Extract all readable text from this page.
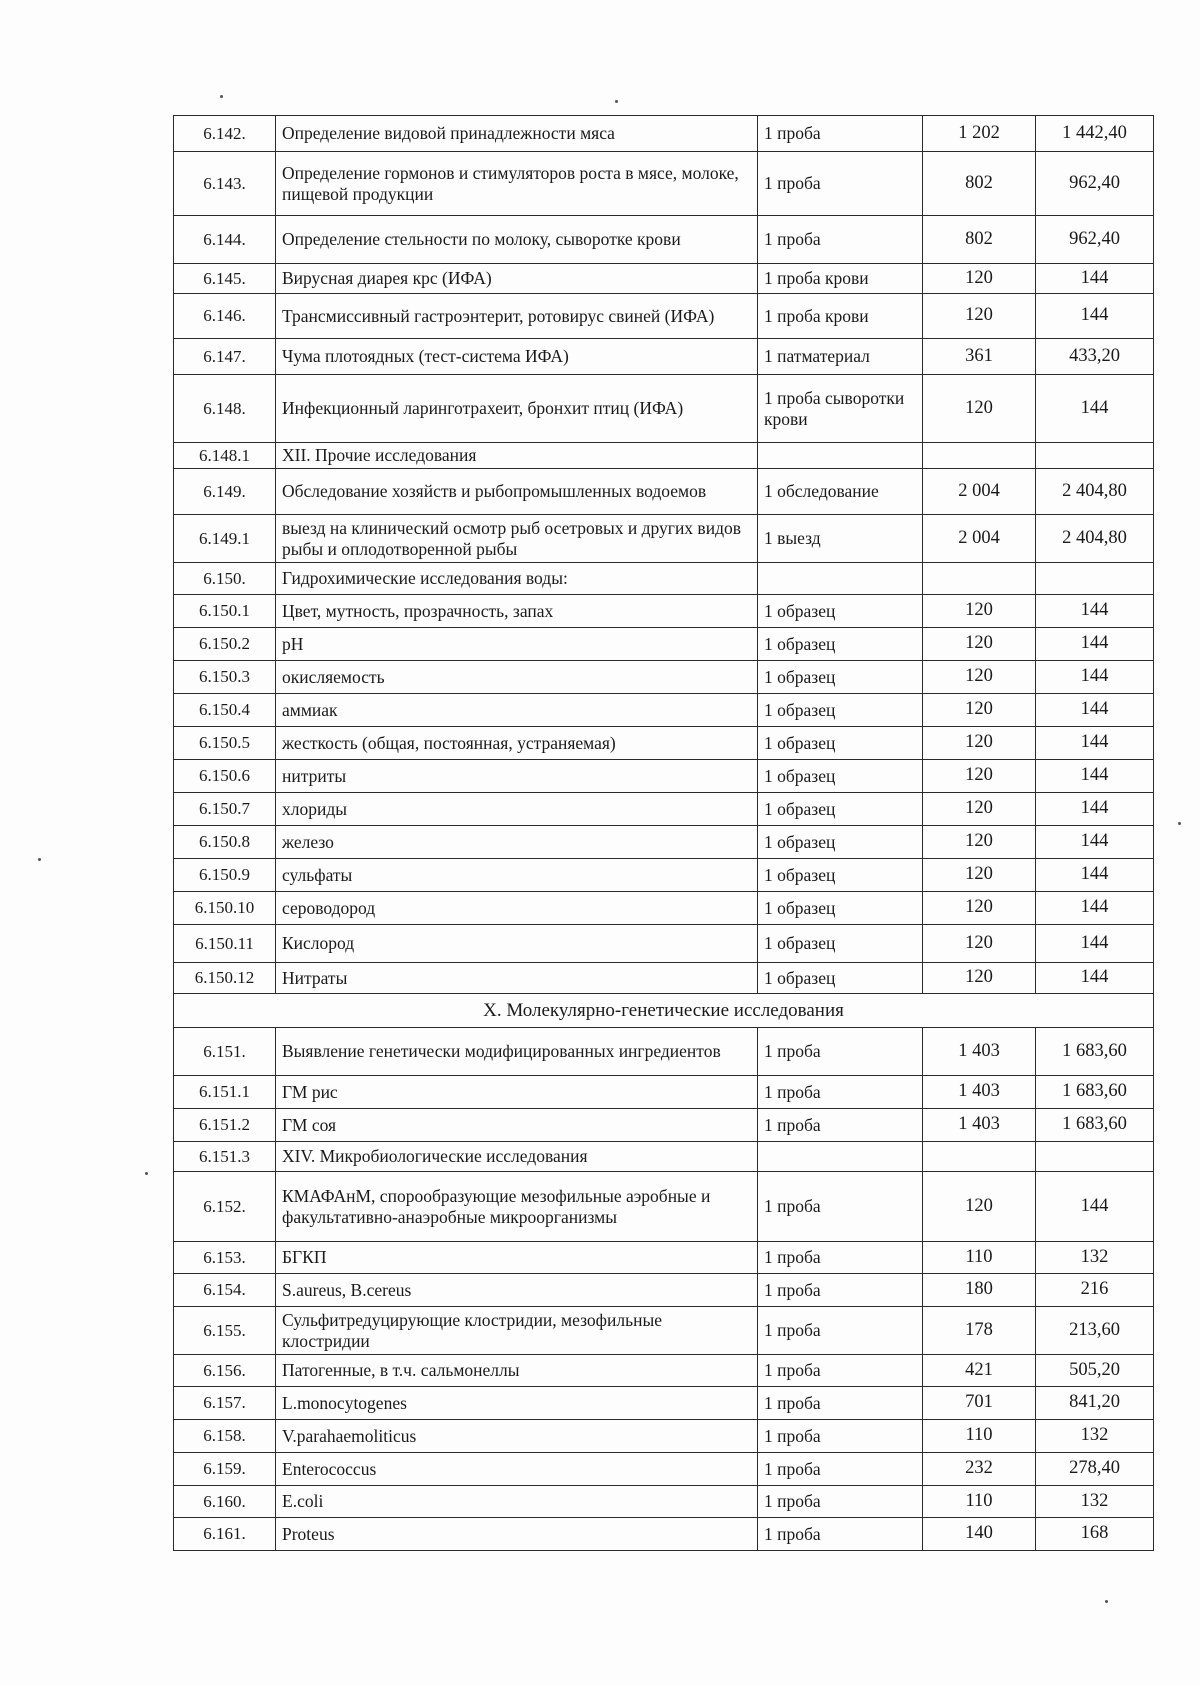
6.142.	Определение видовой принадлежности мяса	1 проба	1 202	1 442,40
6.143.	Определение гормонов и стимуляторов роста в мясе, молоке, пищевой продукции	1 проба	802	962,40
6.144.	Определение стельности по молоку, сыворотке крови	1 проба	802	962,40
6.145.	Вирусная диарея крс (ИФА)	1 проба крови	120	144
6.146.	Трансмиссивный гастроэнтерит, ротовирус свиней (ИФА)	1 проба крови	120	144
6.147.	Чума плотоядных (тест-система ИФА)	1 патматериал	361	433,20
6.148.	Инфекционный ларинготрахеит, бронхит птиц (ИФА)	1 проба сыворотки крови	120	144
6.148.1	XII. Прочие исследования			
6.149.	Обследование хозяйств и рыбопромышленных водоемов	1 обследование	2 004	2 404,80
6.149.1	выезд на клинический осмотр рыб осетровых и других видов рыбы и оплодотворенной рыбы	1 выезд	2 004	2 404,80
6.150.	Гидрохимические исследования воды:			
6.150.1	Цвет, мутность, прозрачность, запах	1 образец	120	144
6.150.2	pH	1 образец	120	144
6.150.3	окисляемость	1 образец	120	144
6.150.4	аммиак	1 образец	120	144
6.150.5	жесткость (общая, постоянная, устраняемая)	1 образец	120	144
6.150.6	нитриты	1 образец	120	144
6.150.7	хлориды	1 образец	120	144
6.150.8	железо	1 образец	120	144
6.150.9	сульфаты	1 образец	120	144
6.150.10	сероводород	1 образец	120	144
6.150.11	Кислород	1 образец	120	144
6.150.12	Нитраты	1 образец	120	144
X. Молекулярно-генетические исследования				
6.151.	Выявление генетически модифицированных ингредиентов	1 проба	1 403	1 683,60
6.151.1	ГМ рис	1 проба	1 403	1 683,60
6.151.2	ГМ соя	1 проба	1 403	1 683,60
6.151.3	XIV. Микробиологические исследования			
6.152.	КМАФАнМ, спорообразующие мезофильные аэробные и факультативно-анаэробные микроорганизмы	1 проба	120	144
6.153.	БГКП	1 проба	110	132
6.154.	S.aureus, B.cereus	1 проба	180	216
6.155.	Сульфитредуцирующие клостридии, мезофильные клостридии	1 проба	178	213,60
6.156.	Патогенные, в т.ч. сальмонеллы	1 проба	421	505,20
6.157.	L.monocytogenes	1 проба	701	841,20
6.158.	V.parahaemoliticus	1 проба	110	132
6.159.	Enterococcus	1 проба	232	278,40
6.160.	E.coli	1 проба	110	132
6.161.	Proteus	1 проба	140	168
